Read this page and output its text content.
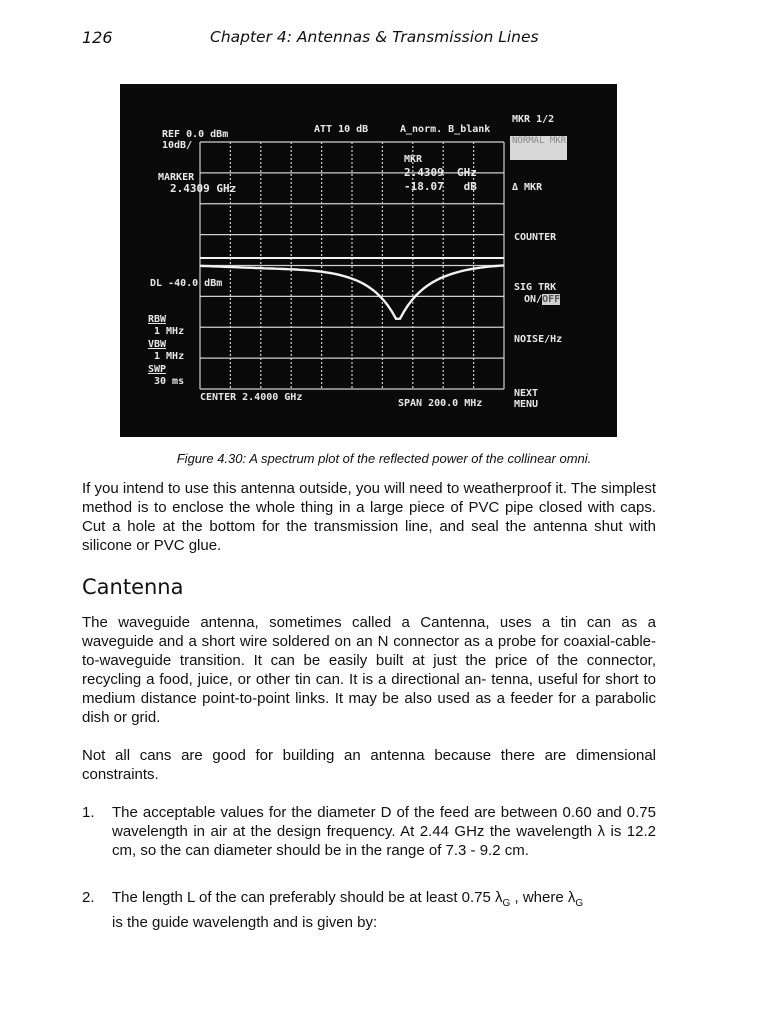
126	Chapter 4: Antennas & Transmission Lines
REF 0.0 dBm
10dB/
ATT 10 dB	A_norm. B_blank
MKR 1/2
NORMAL MKR
MARKER
2.4309 GHz
MKR
2.4309  GHz
-18.07   dB	Δ MKR
COUNTER
DL -40.0 dBm	SIG TRK
ON/OFF
RBW
1 MHz
VBW
1 MHz
SWP
30 ms
NOISE/Hz
CENTER 2.4000 GHz
SPAN 200.0 MHz
NEXT
MENU
Figure 4.30: A spectrum plot of the reflected power of the collinear omni.

If you intend to use this antenna outside, you will need to weatherproof it. The simplest method is to enclose the whole thing in a large piece of PVC pipe closed with caps. Cut a hole at the bottom for the transmission line, and seal the antenna shut with silicone or PVC glue.

Cantenna

The waveguide antenna, sometimes called a Cantenna, uses a tin can as a waveguide and a short wire soldered on an N connector as a probe for coaxial-cable-to-waveguide transition. It can be easily built at just the price of the connector, recycling a food, juice, or other tin can. It is a directional an- tenna, useful for short to medium distance point-to-point links. It may be also used as a feeder for a parabolic dish or grid.

Not all cans are good for building an antenna because there are dimensional constraints.

1. The acceptable values for the diameter D of the feed are between 0.60 and 0.75 wavelength in air at the design frequency. At 2.44 GHz the wavelength λ is 12.2 cm, so the can diameter should be in the range of 7.3 - 9.2 cm.
2. The length L of the can preferably should be at least 0.75 $\lambda_G$ , where $\lambda_G$
is the guide wavelength and is given by:
